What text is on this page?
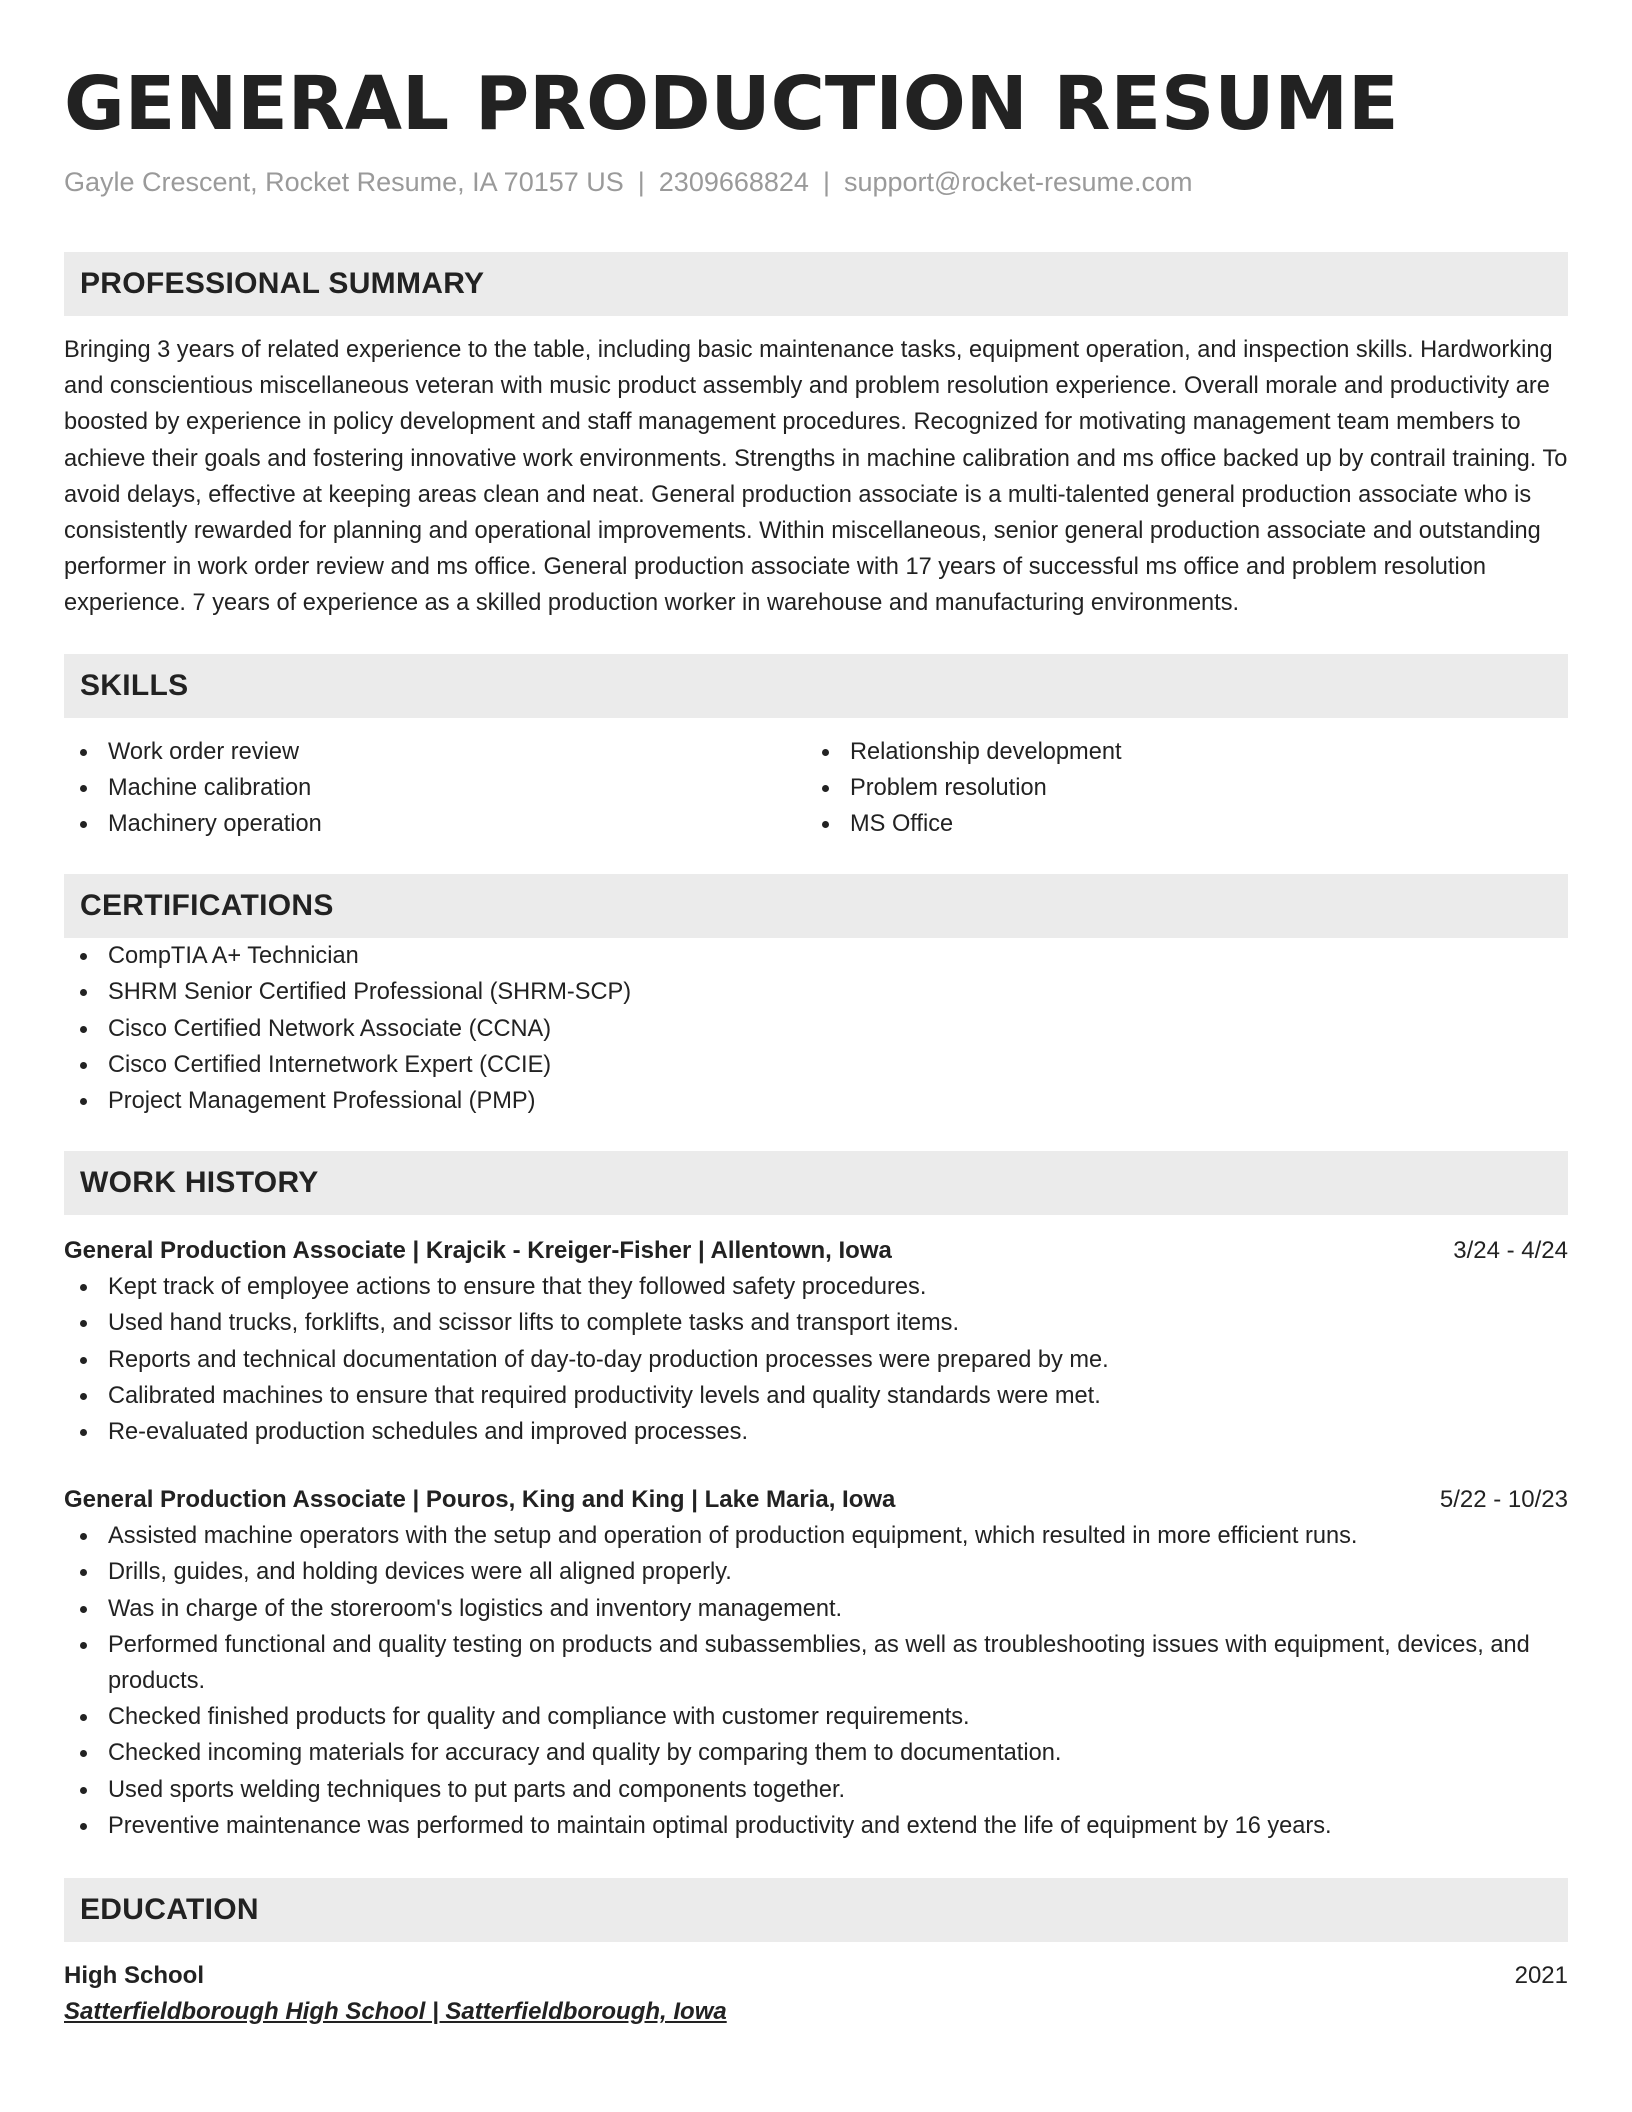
GENERAL PRODUCTION RESUME
Gayle Crescent, Rocket Resume, IA 70157 US | 2309668824 | support@rocket-resume.com
PROFESSIONAL SUMMARY
Bringing 3 years of related experience to the table, including basic maintenance tasks, equipment operation, and inspection skills. Hardworking and conscientious miscellaneous veteran with music product assembly and problem resolution experience. Overall morale and productivity are boosted by experience in policy development and staff management procedures. Recognized for motivating management team members to achieve their goals and fostering innovative work environments. Strengths in machine calibration and ms office backed up by contrail training. To avoid delays, effective at keeping areas clean and neat. General production associate is a multi-talented general production associate who is consistently rewarded for planning and operational improvements. Within miscellaneous, senior general production associate and outstanding performer in work order review and ms office. General production associate with 17 years of successful ms office and problem resolution experience. 7 years of experience as a skilled production worker in warehouse and manufacturing environments.
SKILLS
Work order review
Machine calibration
Machinery operation
Relationship development
Problem resolution
MS Office
CERTIFICATIONS
CompTIA A+ Technician
SHRM Senior Certified Professional (SHRM-SCP)
Cisco Certified Network Associate (CCNA)
Cisco Certified Internetwork Expert (CCIE)
Project Management Professional (PMP)
WORK HISTORY
General Production Associate | Krajcik - Kreiger-Fisher | Allentown, Iowa	3/24 - 4/24
Kept track of employee actions to ensure that they followed safety procedures.
Used hand trucks, forklifts, and scissor lifts to complete tasks and transport items.
Reports and technical documentation of day-to-day production processes were prepared by me.
Calibrated machines to ensure that required productivity levels and quality standards were met.
Re-evaluated production schedules and improved processes.
General Production Associate | Pouros, King and King | Lake Maria, Iowa	5/22 - 10/23
Assisted machine operators with the setup and operation of production equipment, which resulted in more efficient runs.
Drills, guides, and holding devices were all aligned properly.
Was in charge of the storeroom's logistics and inventory management.
Performed functional and quality testing on products and subassemblies, as well as troubleshooting issues with equipment, devices, and products.
Checked finished products for quality and compliance with customer requirements.
Checked incoming materials for accuracy and quality by comparing them to documentation.
Used sports welding techniques to put parts and components together.
Preventive maintenance was performed to maintain optimal productivity and extend the life of equipment by 16 years.
EDUCATION
High School	2021
Satterfieldborough High School | Satterfieldborough, Iowa
